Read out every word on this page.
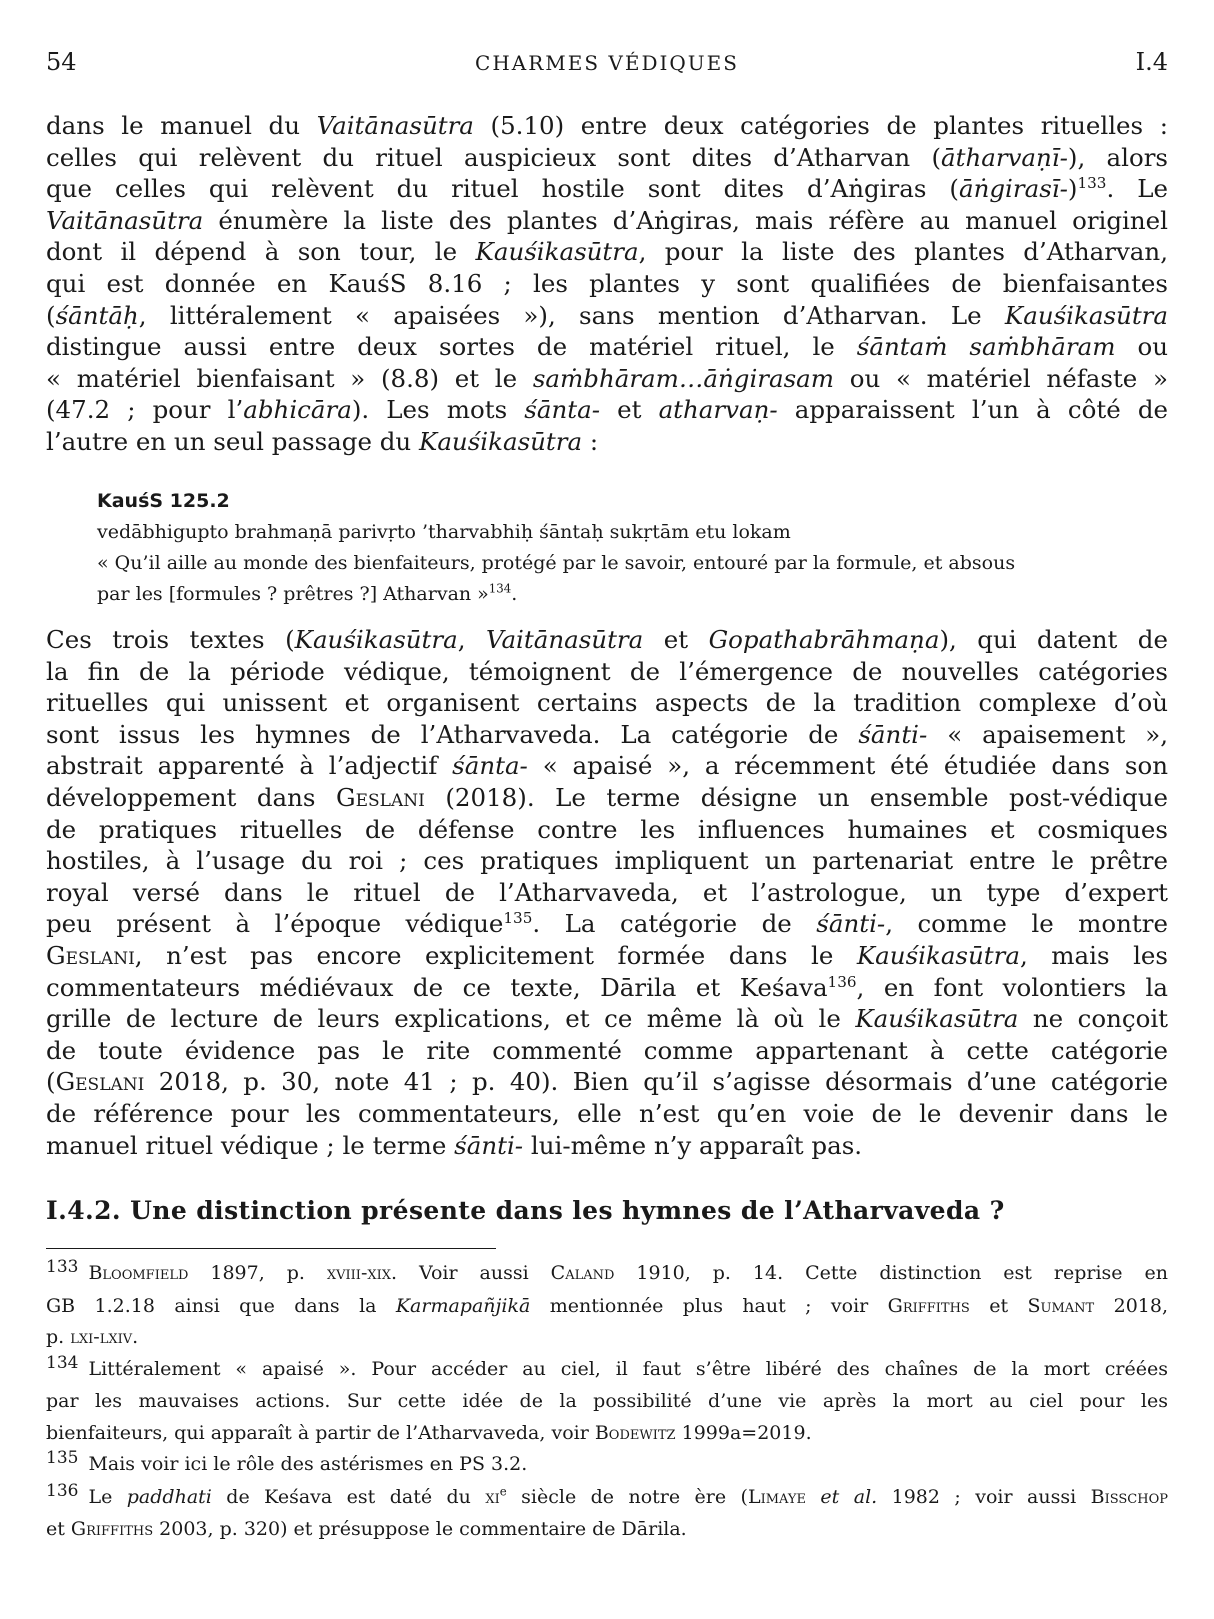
54	CHARMES VÉDIQUES	I.4
dans le manuel du Vaitānasūtra (5.10) entre deux catégories de plantes rituelles :
celles qui relèvent du rituel auspicieux sont dites d’Atharvan (ātharvaṇī-), alors
que celles qui relèvent du rituel hostile sont dites d’Aṅgiras (āṅgirasī-)$^{133}$. Le
Vaitānasūtra énumère la liste des plantes d’Aṅgiras, mais réfère au manuel originel
dont il dépend à son tour, le Kauśikasūtra, pour la liste des plantes d’Atharvan,
qui est donnée en KauśS 8.16 ; les plantes y sont qualifiées de bienfaisantes
(śāntāḥ, littéralement « apaisées »), sans mention d’Atharvan. Le Kauśikasūtra
distingue aussi entre deux sortes de matériel rituel, le śāntaṁ saṁbhāram ou
« matériel bienfaisant » (8.8) et le saṁbhāram…āṅgirasam ou « matériel néfaste »
(47.2 ; pour l’abhicāra). Les mots śānta- et atharvaṇ- apparaissent l’un à côté de
l’autre en un seul passage du Kauśikasūtra :
KauśS 125.2
vedābhigupto brahmaṇā parivṛto ’tharvabhiḥ śāntaḥ sukṛtām etu lokam
« Qu’il aille au monde des bienfaiteurs, protégé par le savoir, entouré par la formule, et absous
par les [formules ? prêtres ?] Atharvan »$^{134}$.
Ces trois textes (Kauśikasūtra, Vaitānasūtra et Gopathabrāhmaṇa), qui datent de
la fin de la période védique, témoignent de l’émergence de nouvelles catégories
rituelles qui unissent et organisent certains aspects de la tradition complexe d’où
sont issus les hymnes de l’Atharvaveda. La catégorie de śānti- « apaisement »,
abstrait apparenté à l’adjectif śānta- « apaisé », a récemment été étudiée dans son
développement dans Geslani (2018). Le terme désigne un ensemble post-védique
de pratiques rituelles de défense contre les influences humaines et cosmiques
hostiles, à l’usage du roi ; ces pratiques impliquent un partenariat entre le prêtre
royal versé dans le rituel de l’Atharvaveda, et l’astrologue, un type d’expert
peu présent à l’époque védique$^{135}$. La catégorie de śānti-, comme le montre
Geslani, n’est pas encore explicitement formée dans le Kauśikasūtra, mais les
commentateurs médiévaux de ce texte, Dārila et Keśava$^{136}$, en font volontiers la
grille de lecture de leurs explications, et ce même là où le Kauśikasūtra ne conçoit
de toute évidence pas le rite commenté comme appartenant à cette catégorie
(Geslani 2018, p. 30, note 41 ; p. 40). Bien qu’il s’agisse désormais d’une catégorie
de référence pour les commentateurs, elle n’est qu’en voie de le devenir dans le
manuel rituel védique ; le terme śānti- lui-même n’y apparaît pas.
I.4.2. Une distinction présente dans les hymnes de l’Atharvaveda ?
133 Bloomfield 1897, p. xviii-xix. Voir aussi Caland 1910, p. 14. Cette distinction est reprise en
GB 1.2.18 ainsi que dans la Karmapañjikā mentionnée plus haut ; voir Griffiths et Sumant 2018,
p. lxi-lxiv.
134 Littéralement « apaisé ». Pour accéder au ciel, il faut s’être libéré des chaînes de la mort créées
par les mauvaises actions. Sur cette idée de la possibilité d’une vie après la mort au ciel pour les
bienfaiteurs, qui apparaît à partir de l’Atharvaveda, voir Bodewitz 1999a=2019.
135 Mais voir ici le rôle des astérismes en PS 3.2.
136 Le paddhati de Keśava est daté du $xi^e$ siècle de notre ère (Limaye et al. 1982 ; voir aussi Bisschop
et Griffiths 2003, p. 320) et présuppose le commentaire de Dārila.
